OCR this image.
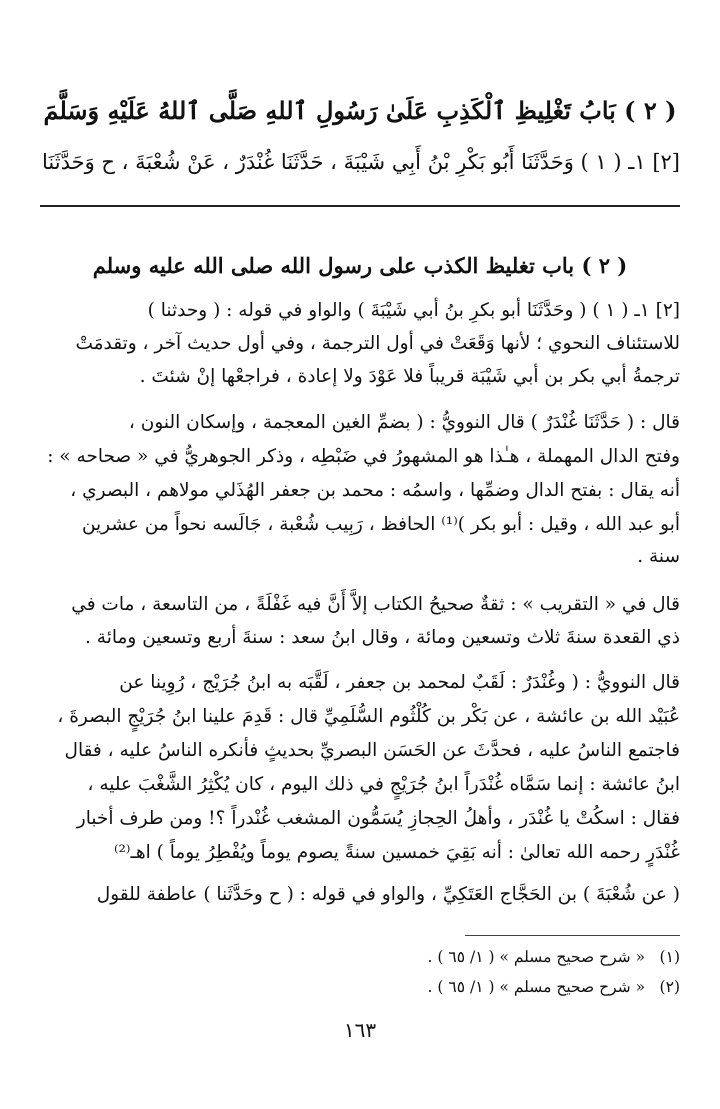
( ٢ ) بَابُ تَغْلِيظِ ٱلْكَذِبِ عَلَىٰ رَسُولِ ٱللهِ صَلَّى ٱللهُ عَلَيْهِ وَسَلَّمَ
[٢] ١ـ ( ١ ) وَحَدَّثَنَا أَبُو بَكْرِ بْنُ أَبِي شَيْبَةَ ، حَدَّثَنَا غُنْدَرٌ ، عَنْ شُعْبَةَ ، ح وَحَدَّثَنَا
( ٢ ) باب تغليظ الكذب على رسول الله صلى الله عليه وسلم
[٢] ١ـ ( ١ ) ( وحَدَّثَنَا أبو بكرِ بنُ أبي شَيْبَةَ ) والواو في قوله : ( وحدثنا )
للاستئناف النحوي ؛ لأنها وَقَعَتْ في أول الترجمة ، وفي أول حديث آخر ، وتقدمَتْ
ترجمةُ أبي بكر بن أبي شَيْبَة قريباً فلا عَوْدَ ولا إعادة ، فراجعْها إنْ شئتَ .
قال : ( حَدَّثَنَا غُنْدَرٌ ) قال النوويُّ : ( بضمِّ الغين المعجمة ، وإسكان النون ،
وفتح الدال المهملة ، هـٰذا هو المشهورُ في ضَبْطِه ، وذكر الجوهريُّ في « صحاحه » :
أنه يقال : بفتح الدال وضمِّها ، واسمُه : محمد بن جعفر الهُذَلي مولاهم ، البصري ،
أبو عبد الله ، وقيل : أبو بكر )⁽¹⁾ الحافظ ، رَبِيب شُعْبة ، جَالَسه نحواً من عشرين
سنة .
قال في « التقريب » : ثقةٌ صحيحُ الكتاب إلاَّ أَنَّ فيه غَفْلَةً ، من التاسعة ، مات في
ذي القعدة سنةَ ثلاث وتسعين ومائة ، وقال ابنُ سعد : سنةَ أربع وتسعين ومائة .
قال النوويُّ : ( وغُنْدَرٌ : لَقَبٌ لمحمد بن جعفر ، لَقَّبَه به ابنُ جُرَيْج ، رُوِينا عن
عُبَيْد الله بن عائشة ، عن بَكْر بن كُلْثُوم السُّلَمِيِّ قال : قَدِمَ علينا ابنُ جُرَيْجٍ البصرةَ ،
فاجتمع الناسُ عليه ، فحدَّثَ عن الحَسَن البصريِّ بحديثٍ فأنكره الناسُ عليه ، فقال
ابنُ عائشة : إنما سَمَّاه غُنْدَراً ابنُ جُرَيْجٍ في ذلك اليوم ، كان يُكْثِرُ الشَّغْبَ عليه ،
فقال : اسكُتْ يا غُنْدَر ، وأهلُ الحِجازِ يُسَمُّون المشغب غُنْدراً ؟! ومن طرف أخبار
غُنْدَرٍ رحمه الله تعالىٰ : أنه بَقِيَ خمسين سنةً يصوم يوماً ويُفْطِرُ يوماً ) اهـ⁽²⁾
( عن شُعْبَةَ ) بن الحَجَّاج العَتَكِيِّ ، والواو في قوله : ( ح وحَدَّثَنا ) عاطفة للقول
(١) « شرح صحيح مسلم » ( ١/ ٦٥ ) .
(٢) « شرح صحيح مسلم » ( ١/ ٦٥ ) .
١٦٣
